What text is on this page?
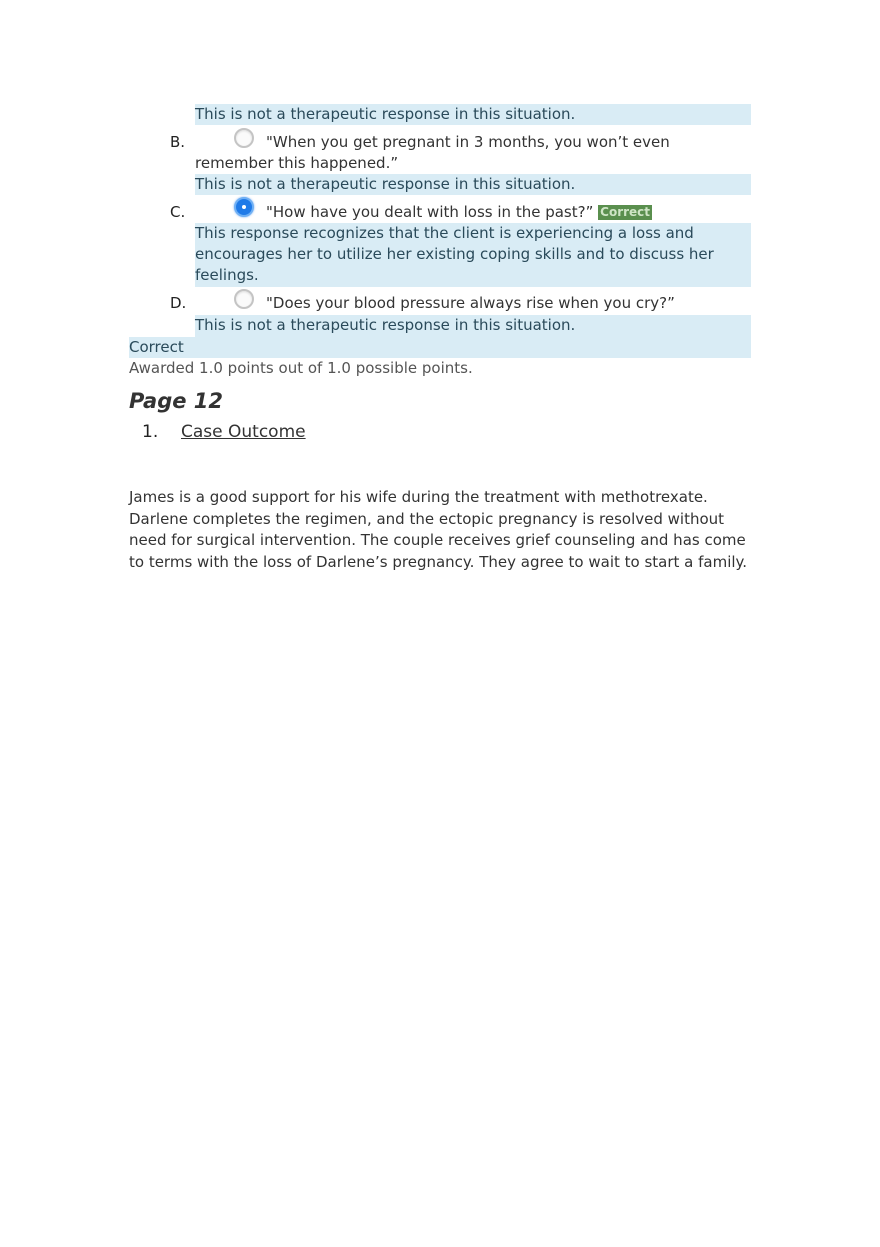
This is not a therapeutic response in this situation.
B.	"When you get pregnant in 3 months, you won’t even
remember this happened.”
This is not a therapeutic response in this situation.
C.	"How have you dealt with loss in the past?” Correct
This response recognizes that the client is experiencing a loss and encourages her to utilize her existing coping skills and to discuss her feelings.
D.	"Does your blood pressure always rise when you cry?”
This is not a therapeutic response in this situation.
Correct
Awarded 1.0 points out of 1.0 possible points.
Page 12
1. Case Outcome

James is a good support for his wife during the treatment with methotrexate. Darlene completes the regimen, and the ectopic pregnancy is resolved without need for surgical intervention. The couple receives grief counseling and has come to terms with the loss of Darlene’s pregnancy. They agree to wait to start a family.
